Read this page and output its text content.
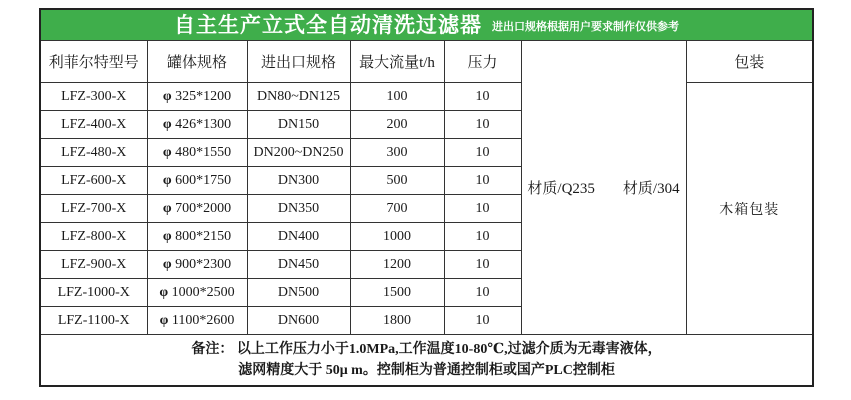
自主生产立式全自动清洗过滤器 进出口规格根据用户要求制作仅供参考						

利菲尔特型号	罐体规格	进出口规格	最大流量t/h	压力	材质/Q235 材质/304	包装
LFZ-300-X	φ 325*1200	DN80~DN125	100	10		木箱包装
LFZ-400-X	φ 426*1300	DN150	200	10		
LFZ-480-X	φ 480*1550	DN200~DN250	300	10		
LFZ-600-X	φ 600*1750	DN300	500	10		
LFZ-700-X	φ 700*2000	DN350	700	10		
LFZ-800-X	φ 800*2150	DN400	1000	10		
LFZ-900-X	φ 900*2300	DN450	1200	10		
LFZ-1000-X	φ 1000*2500	DN500	1500	10		
LFZ-1100-X	φ 1100*2600	DN600	1800	10		

备注： 以上工作压力小于1.0MPa,工作温度10-80℃,过滤介质为无毒害液体，
滤网精度大于 50μ m。控制柜为普通控制柜或国产PLC控制柜						
